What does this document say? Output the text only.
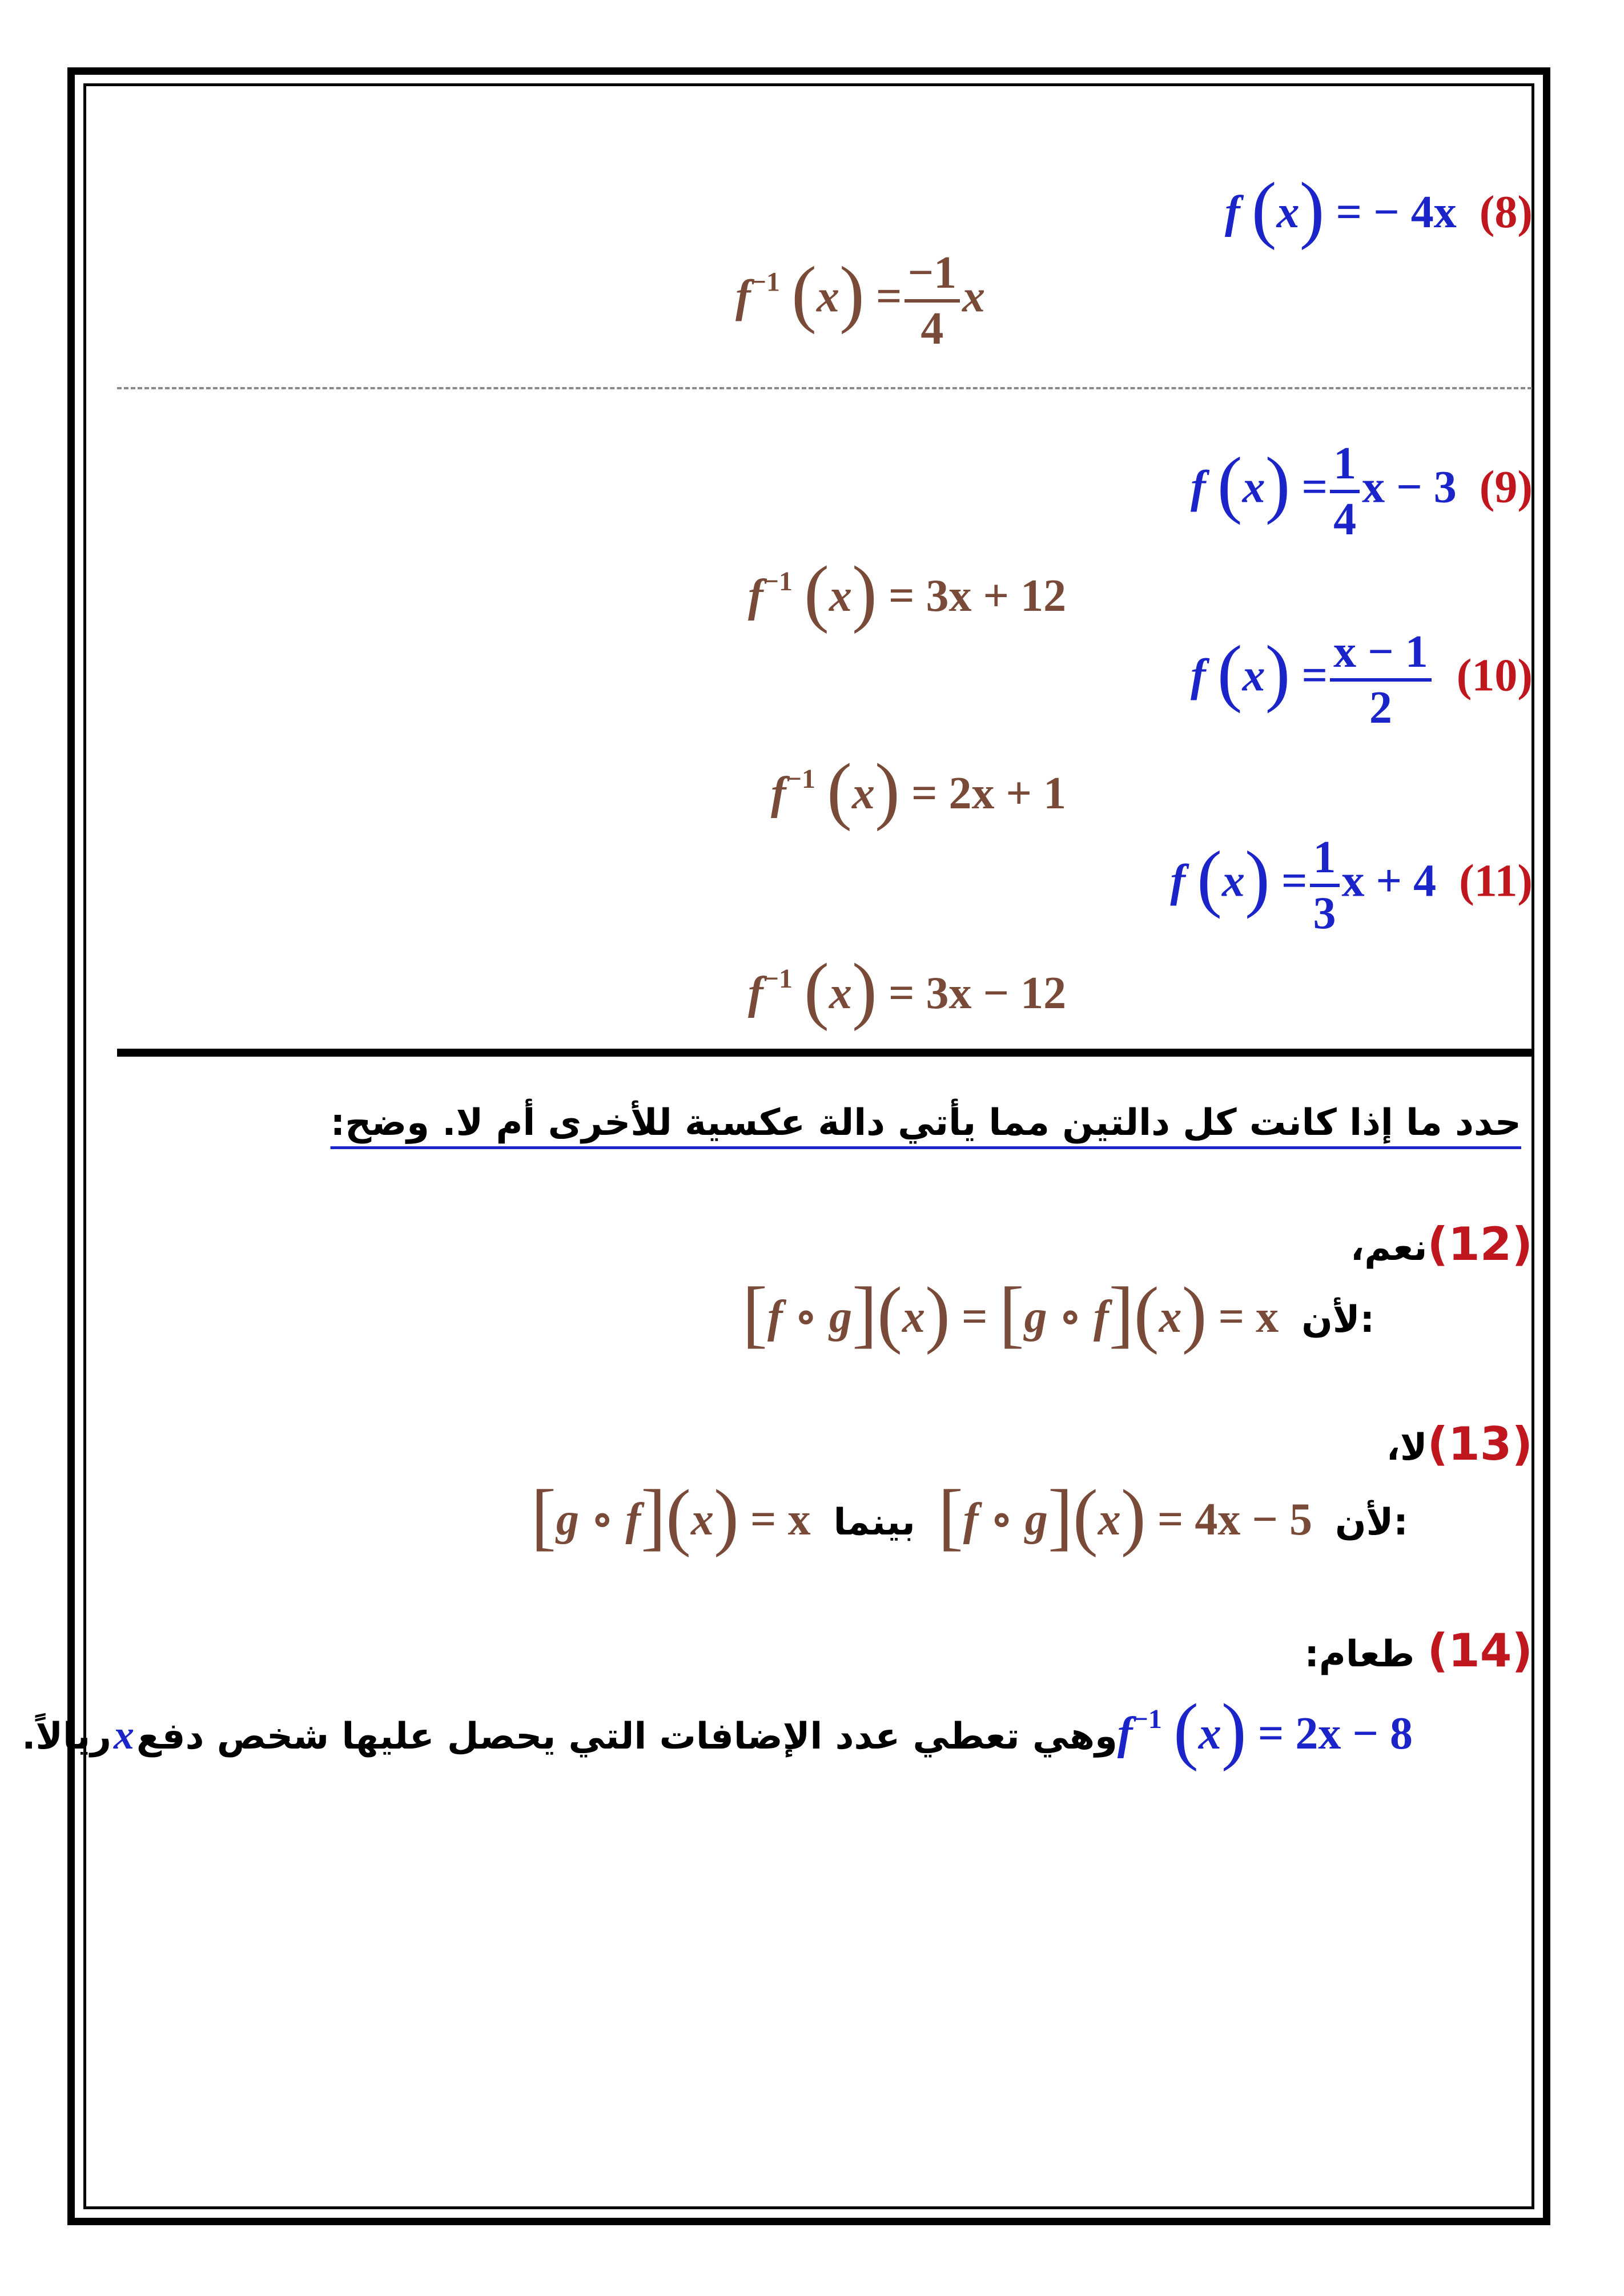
f (x) = − 4x (8)
$f^{-1}$ $(x) = \frac{-1}{4}$ x
f $(x) = \frac{1}{4}$ x − 3 (9)
$f^{-1}$ (x) = 3x + 12
f $(x) = \frac{x - 1}{2} (10)$
$f^{-1}$ (x) = 2x + 1
f $(x) = \frac{1}{3}$ x + 4 (11)
$f^{-1}$ (x) = 3x − 12
حدد ما إذا كانت كل دالتين مما يأتي دالة عكسية للأخرى أم لا. وضح:
(12)نعم،
[f ∘ g](x) = [g ∘ f](x) = x لأن:
(13)لا،
[g ∘ f](x) = x بينما [f ∘ g](x) = 4x − 5 لأن:
(14) طعام:
$f^{-1}$ (x) = 2x − 8 وهي تعطي عدد الإضافات التي يحصل عليها شخص دفع x ريالاً.
